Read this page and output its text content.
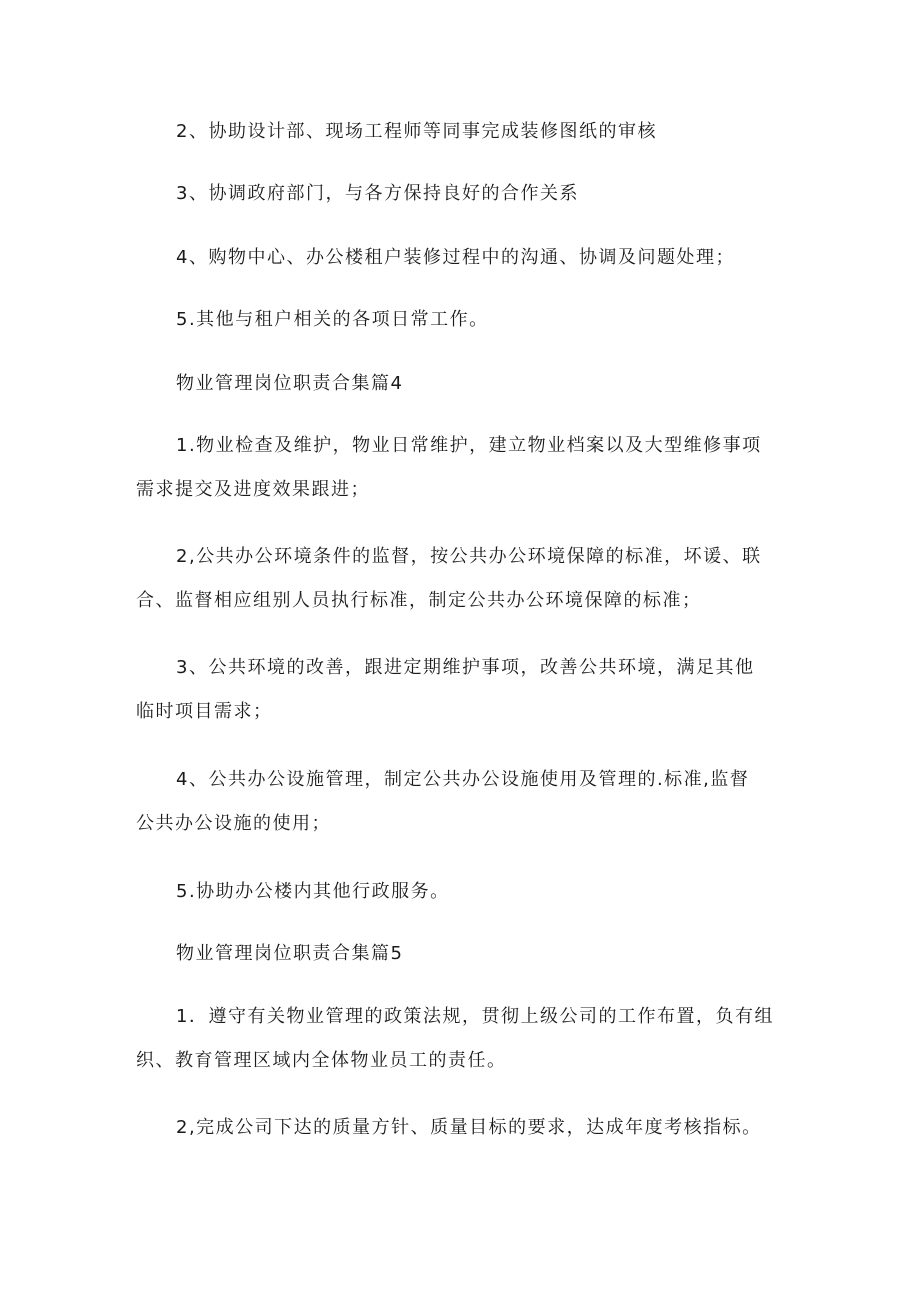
2、协助设计部、现场工程师等同事完成装修图纸的审核
3、协调政府部门，与各方保持良好的合作关系
4、购物中心、办公楼租户装修过程中的沟通、协调及问题处理；
5.其他与租户相关的各项日常工作。
物业管理岗位职责合集篇4
1.物业检查及维护，物业日常维护，建立物业档案以及大型维修事项
需求提交及进度效果跟进；
2,公共办公环境条件的监督，按公共办公环境保障的标准，坏谖、联
合、监督相应组别人员执行标准，制定公共办公环境保障的标准；
3、公共环境的改善，跟进定期维护事项，改善公共环境，满足其他
临时项目需求；
4、公共办公设施管理，制定公共办公设施使用及管理的.标准,监督
公共办公设施的使用；
5.协助办公楼内其他行政服务。
物业管理岗位职责合集篇5
1．遵守有关物业管理的政策法规，贯彻上级公司的工作布置，负有组
织、教育管理区域内全体物业员工的责任。
2,完成公司下达的质量方针、质量目标的要求，达成年度考核指标。
